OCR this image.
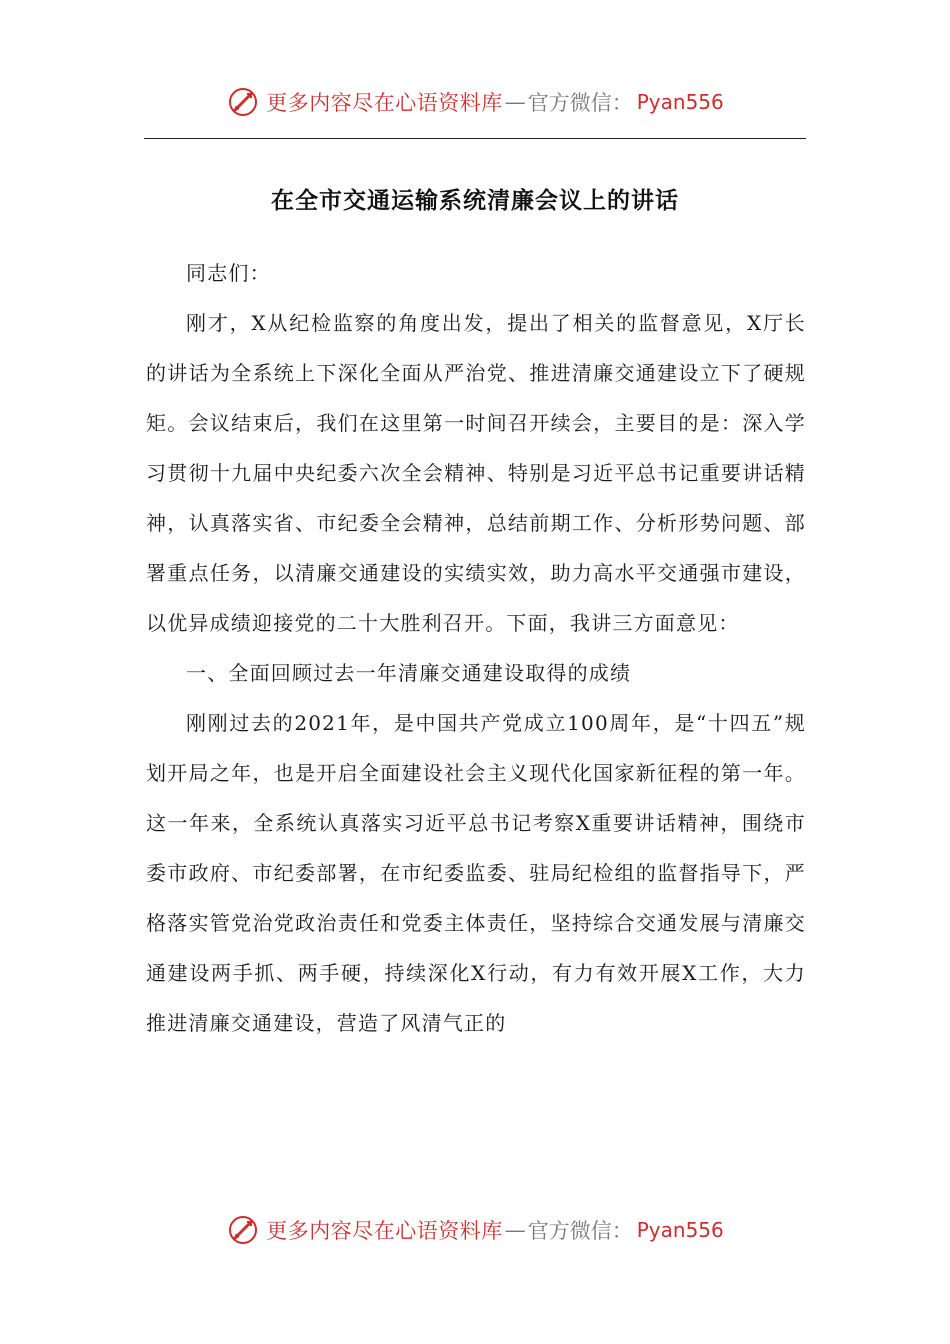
更多内容尽在心语资料库 — 官方微信： Pyan556
在全市交通运输系统清廉会议上的讲话

同志们：

刚才，X从纪检监察的角度出发，提出了相关的监督意见，X厅长的讲话为全系统上下深化全面从严治党、推进清廉交通建设立下了硬规矩。会议结束后，我们在这里第一时间召开续会，主要目的是：深入学习贯彻十九届中央纪委六次全会精神、特别是习近平总书记重要讲话精神，认真落实省、市纪委全会精神，总结前期工作、分析形势问题、部署重点任务，以清廉交通建设的实绩实效，助力高水平交通强市建设，以优异成绩迎接党的二十大胜利召开。下面，我讲三方面意见：

一、全面回顾过去一年清廉交通建设取得的成绩

刚刚过去的2021年，是中国共产党成立100周年，是“十四五”规划开局之年，也是开启全面建设社会主义现代化国家新征程的第一年。这一年来，全系统认真落实习近平总书记考察X重要讲话精神，围绕市委市政府、市纪委部署，在市纪委监委、驻局纪检组的监督指导下，严格落实管党治党政治责任和党委主体责任，坚持综合交通发展与清廉交通建设两手抓、两手硬，持续深化X行动，有力有效开展X工作，大力推进清廉交通建设，营造了风清气正的

更多内容尽在心语资料库 — 官方微信： Pyan556
